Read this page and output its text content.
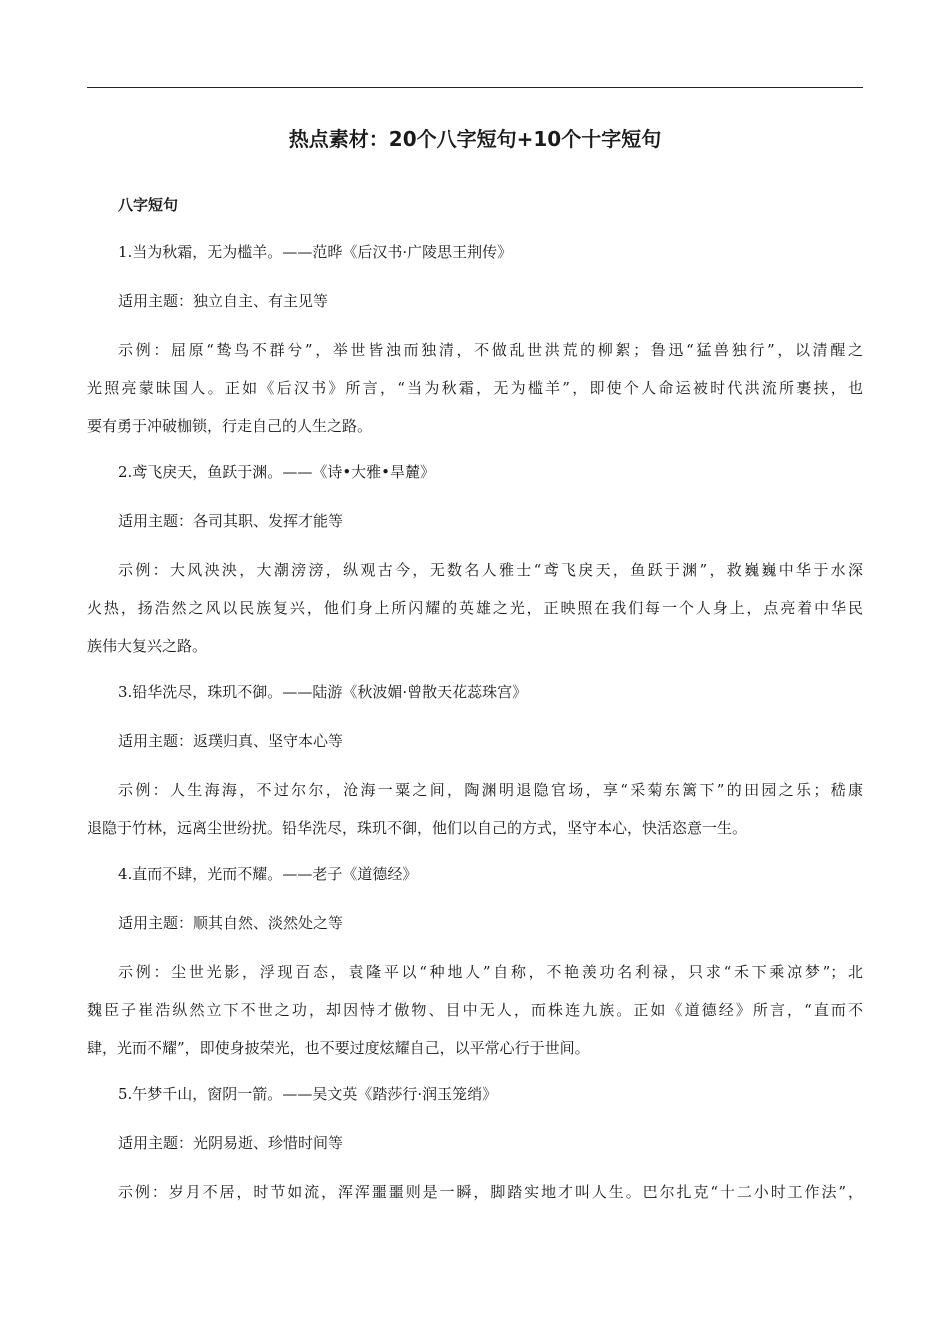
热点素材：20个八字短句+10个十字短句
八字短句
1.当为秋霜，无为槛羊。——范晔《后汉书·广陵思王荆传》
适用主题：独立自主、有主见等
示例：屈原“鸷鸟不群兮”，举世皆浊而独清，不做乱世洪荒的柳絮；鲁迅“猛兽独行”，以清醒之
光照亮蒙昧国人。正如《后汉书》所言，“当为秋霜，无为槛羊”，即使个人命运被时代洪流所裹挟，也
要有勇于冲破枷锁，行走自己的人生之路。
2.鸢飞戾天，鱼跃于渊。——《诗•大雅•旱麓》
适用主题：各司其职、发挥才能等
示例：大风泱泱，大潮滂滂，纵观古今，无数名人雅士“鸢飞戾天，鱼跃于渊”，救巍巍中华于水深
火热，扬浩然之风以民族复兴，他们身上所闪耀的英雄之光，正映照在我们每一个人身上，点亮着中华民
族伟大复兴之路。
3.铅华洗尽，珠玑不御。——陆游《秋波媚·曾散天花蕊珠宫》
适用主题：返璞归真、坚守本心等
示例：人生海海，不过尔尔，沧海一粟之间，陶渊明退隐官场，享“采菊东篱下”的田园之乐；嵇康
退隐于竹林，远离尘世纷扰。铅华洗尽，珠玑不御，他们以自己的方式，坚守本心，快活恣意一生。
4.直而不肆，光而不耀。——老子《道德经》
适用主题：顺其自然、淡然处之等
示例：尘世光影，浮现百态，袁隆平以“种地人”自称，不艳羡功名利禄，只求“禾下乘凉梦”；北
魏臣子崔浩纵然立下不世之功，却因恃才傲物、目中无人，而株连九族。正如《道德经》所言，“直而不
肆，光而不耀”，即使身披荣光，也不要过度炫耀自己，以平常心行于世间。
5.午梦千山，窗阴一箭。——吴文英《踏莎行·润玉笼绡》
适用主题：光阴易逝、珍惜时间等
示例：岁月不居，时节如流，浑浑噩噩则是一瞬，脚踏实地才叫人生。巴尔扎克“十二小时工作法”，
